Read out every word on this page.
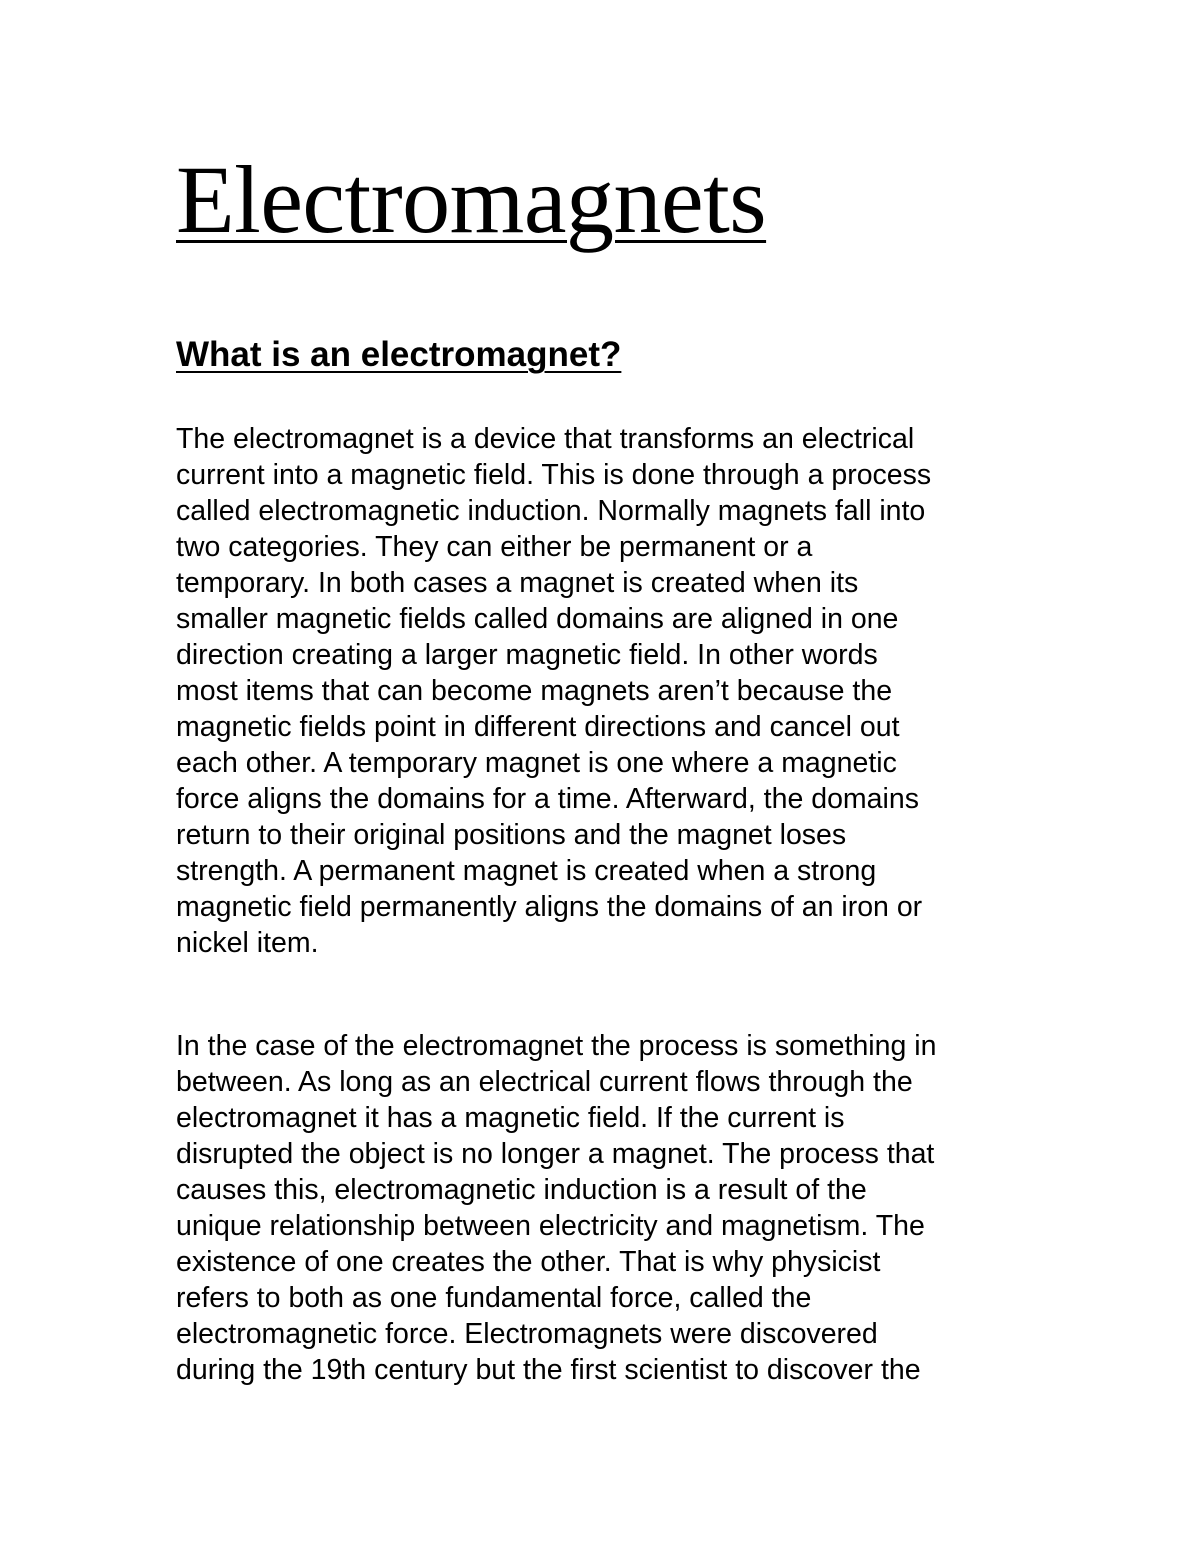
Electromagnets
What is an electromagnet?
The electromagnet is a device that transforms an electrical
current into a magnetic field. This is done through a process
called electromagnetic induction. Normally magnets fall into
two categories. They can either be permanent or a
temporary. In both cases a magnet is created when its
smaller magnetic fields called domains are aligned in one
direction creating a larger magnetic field. In other words
most items that can become magnets aren’t because the
magnetic fields point in different directions and cancel out
each other. A temporary magnet is one where a magnetic
force aligns the domains for a time. Afterward, the domains
return to their original positions and the magnet loses
strength. A permanent magnet is created when a strong
magnetic field permanently aligns the domains of an iron or
nickel item.
In the case of the electromagnet the process is something in
between. As long as an electrical current flows through the
electromagnet it has a magnetic field. If the current is
disrupted the object is no longer a magnet. The process that
causes this, electromagnetic induction is a result of the
unique relationship between electricity and magnetism. The
existence of one creates the other. That is why physicist
refers to both as one fundamental force, called the
electromagnetic force. Electromagnets were discovered
during the 19th century but the first scientist to discover the
